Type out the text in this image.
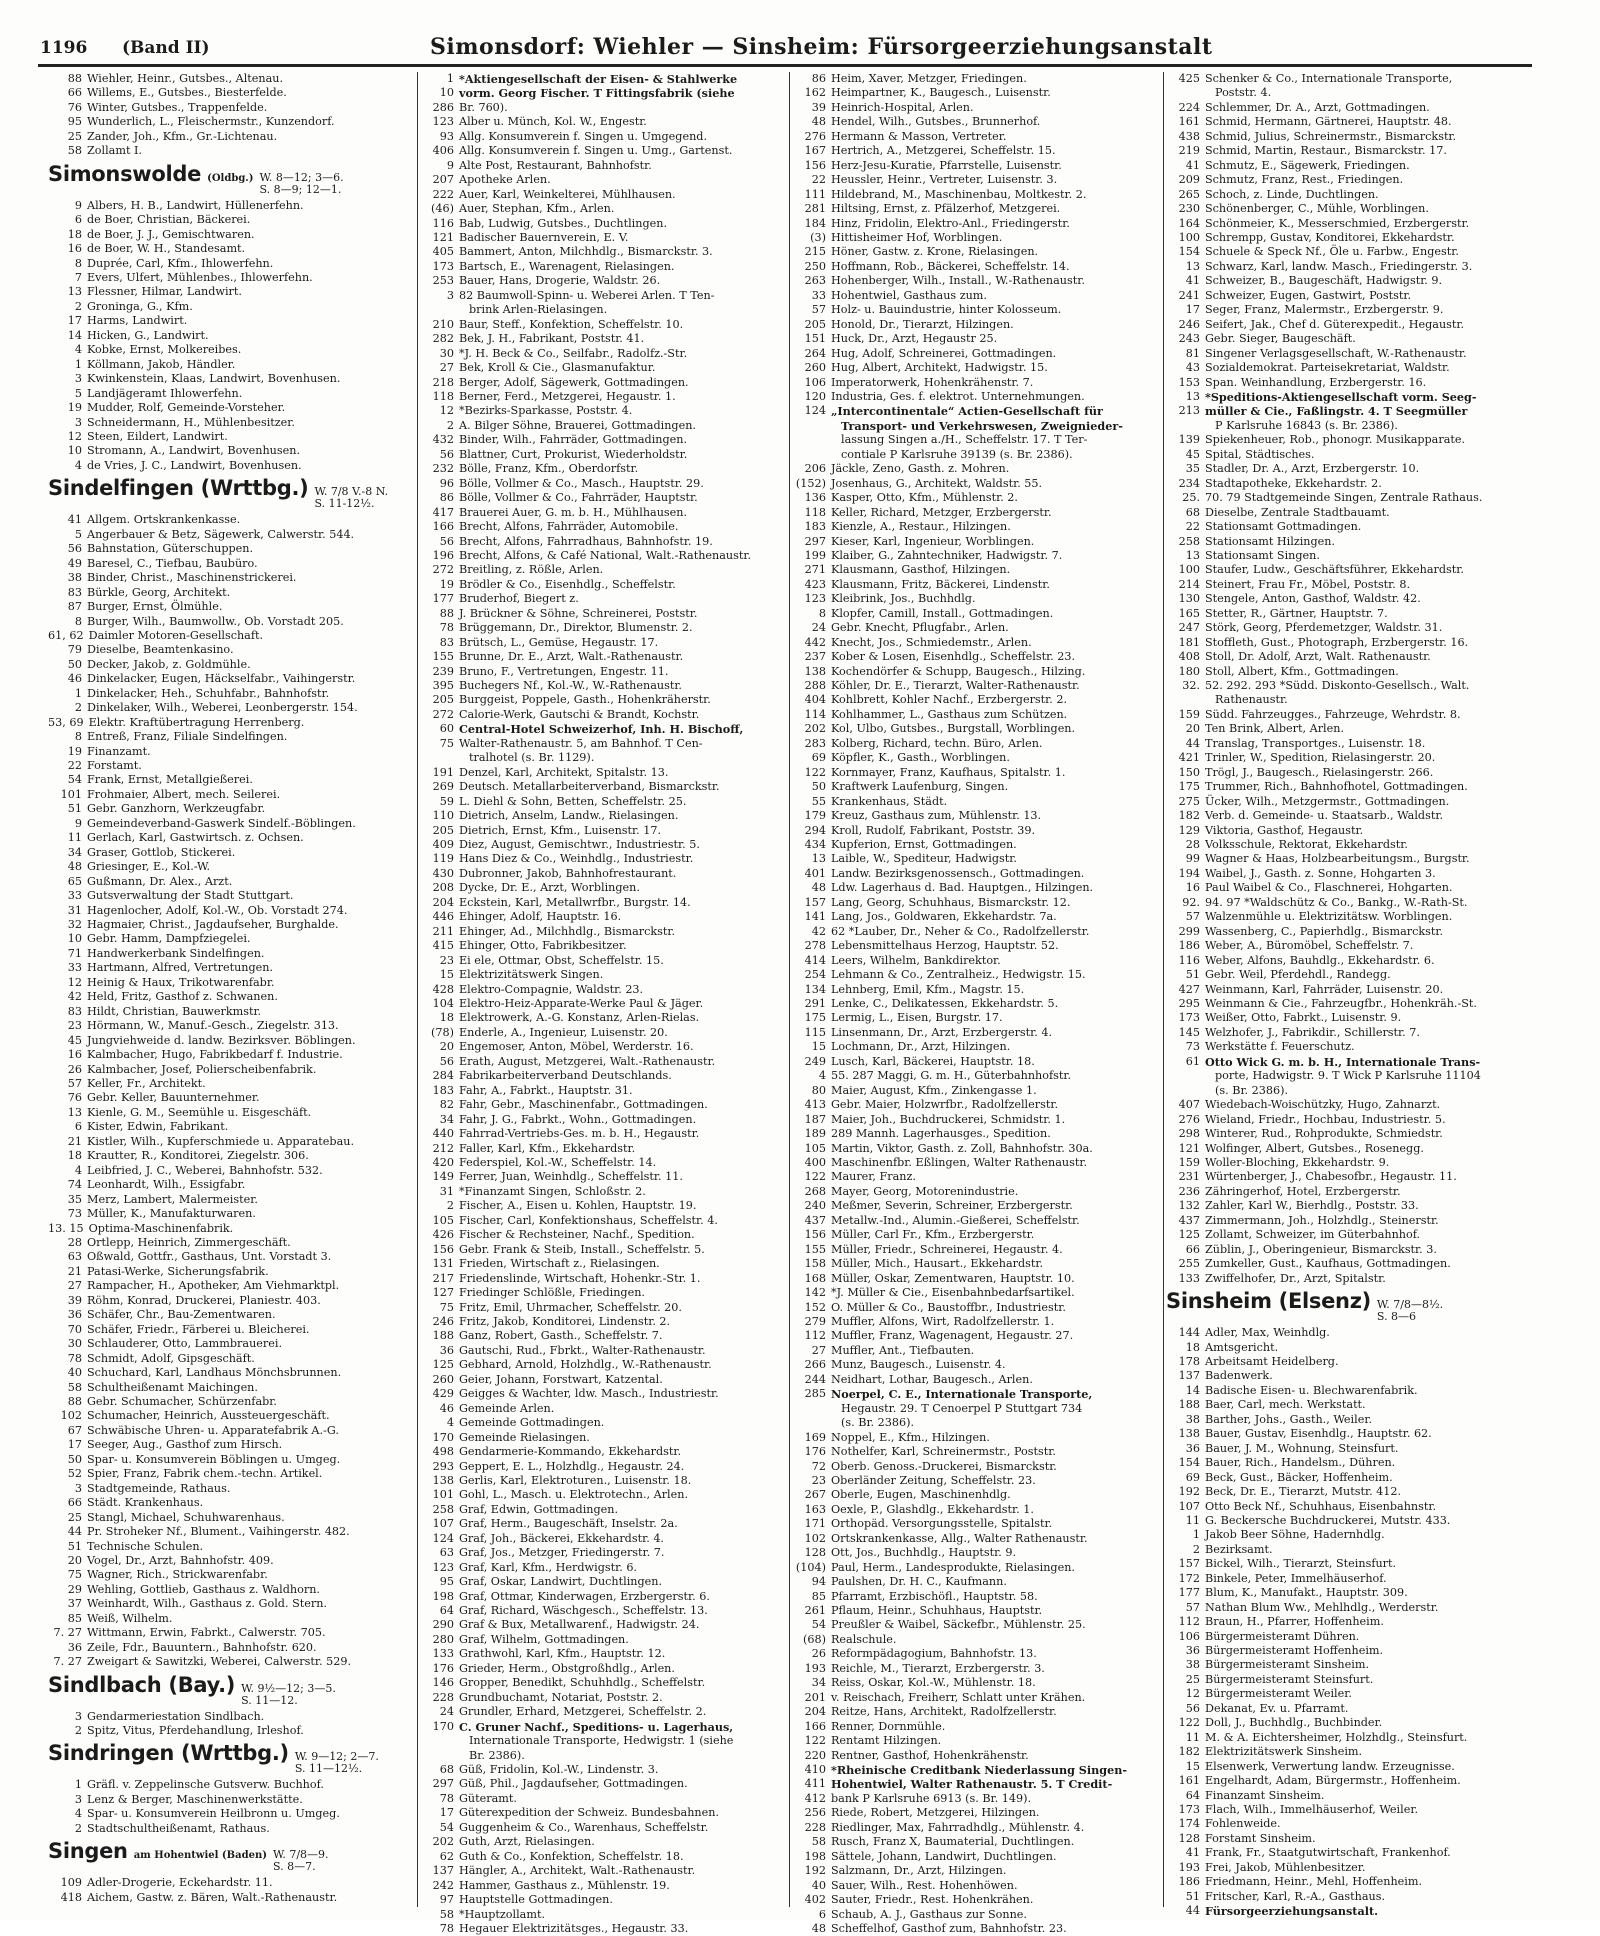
1196 (Band II)	Simonsdorf: Wiehler — Sinsheim: Fürsorgeerziehungsanstalt
88 Wiehler, Heinr., Gutsbes., Altenau.
66 Willems, E., Gutsbes., Biesterfelde.
76 Winter, Gutsbes., Trappenfelde.
95 Wunderlich, L., Fleischermstr., Kunzendorf.
25 Zander, Joh., Kfm., Gr.-Lichtenau.
58 Zollamt I.
Simonswolde (Oldbg.) W. 8—12; 3—6.
S. 8—9; 12—1.
9 Albers, H. B., Landwirt, Hüllenerfehn.
6 de Boer, Christian, Bäckerei.
18 de Boer, J. J., Gemischtwaren.
16 de Boer, W. H., Standesamt.
8 Duprée, Carl, Kfm., Ihlowerfehn.
7 Evers, Ulfert, Mühlenbes., Ihlowerfehn.
13 Flessner, Hilmar, Landwirt.
2 Groninga, G., Kfm.
17 Harms, Landwirt.
14 Hicken, G., Landwirt.
4 Kobke, Ernst, Molkereibes.
1 Köllmann, Jakob, Händler.
3 Kwinkenstein, Klaas, Landwirt, Bovenhusen.
5 Landjägeramt Ihlowerfehn.
19 Mudder, Rolf, Gemeinde-Vorsteher.
3 Schneidermann, H., Mühlenbesitzer.
12 Steen, Eildert, Landwirt.
10 Stromann, A., Landwirt, Bovenhusen.
4 de Vries, J. C., Landwirt, Bovenhusen.
Sindelfingen (Wrttbg.) W. 7/8 V.-8 N.
S. 11-12½.
41 Allgem. Ortskrankenkasse.
5 Angerbauer & Betz, Sägewerk, Calwerstr. 544.
56 Bahnstation, Güterschuppen.
49 Baresel, C., Tiefbau, Baubüro.
38 Binder, Christ., Maschinenstrickerei.
83 Bürkle, Georg, Architekt.
87 Burger, Ernst, Ölmühle.
8 Burger, Wilh., Baumwollw., Ob. Vorstadt 205.
61, 62 Daimler Motoren-Gesellschaft.
79 Dieselbe, Beamtenkasino.
50 Decker, Jakob, z. Goldmühle.
46 Dinkelacker, Eugen, Häckselfabr., Vaihingerstr.
1 Dinkelacker, Heh., Schuhfabr., Bahnhofstr.
2 Dinkelaker, Wilh., Weberei, Leonbergerstr. 154.
53, 69 Elektr. Kraftübertragung Herrenberg.
8 Entreß, Franz, Filiale Sindelfingen.
19 Finanzamt.
22 Forstamt.
54 Frank, Ernst, Metallgießerei.
101 Frohmaier, Albert, mech. Seilerei.
51 Gebr. Ganzhorn, Werkzeugfabr.
9 Gemeindeverband-Gaswerk Sindelf.-Böblingen.
11 Gerlach, Karl, Gastwirtsch. z. Ochsen.
34 Graser, Gottlob, Stickerei.
48 Griesinger, E., Kol.-W.
65 Gußmann, Dr. Alex., Arzt.
33 Gutsverwaltung der Stadt Stuttgart.
31 Hagenlocher, Adolf, Kol.-W., Ob. Vorstadt 274.
32 Hagmaier, Christ., Jagdaufseher, Burghalde.
10 Gebr. Hamm, Dampfziegelei.
71 Handwerkerbank Sindelfingen.
33 Hartmann, Alfred, Vertretungen.
12 Heinig & Haux, Trikotwarenfabr.
42 Held, Fritz, Gasthof z. Schwanen.
83 Hildt, Christian, Bauwerkmstr.
23 Hörmann, W., Manuf.-Gesch., Ziegelstr. 313.
45 Jungviehweide d. landw. Bezirksver. Böblingen.
16 Kalmbacher, Hugo, Fabrikbedarf f. Industrie.
26 Kalmbacher, Josef, Polierscheibenfabrik.
57 Keller, Fr., Architekt.
76 Gebr. Keller, Bauunternehmer.
13 Kienle, G. M., Seemühle u. Eisgeschäft.
6 Kister, Edwin, Fabrikant.
21 Kistler, Wilh., Kupferschmiede u. Apparatebau.
18 Krautter, R., Konditorei, Ziegelstr. 306.
4 Leibfried, J. C., Weberei, Bahnhofstr. 532.
74 Leonhardt, Wilh., Essigfabr.
35 Merz, Lambert, Malermeister.
73 Müller, K., Manufakturwaren.
13. 15 Optima-Maschinenfabrik.
28 Ortlepp, Heinrich, Zimmergeschäft.
63 Oßwald, Gottfr., Gasthaus, Unt. Vorstadt 3.
21 Patasi-Werke, Sicherungsfabrik.
27 Rampacher, H., Apotheker, Am Viehmarktpl.
39 Röhm, Konrad, Druckerei, Planiestr. 403.
36 Schäfer, Chr., Bau-Zementwaren.
70 Schäfer, Friedr., Färberei u. Bleicherei.
30 Schlauderer, Otto, Lammbrauerei.
78 Schmidt, Adolf, Gipsgeschäft.
40 Schuchard, Karl, Landhaus Mönchsbrunnen.
58 Schultheißenamt Maichingen.
88 Gebr. Schumacher, Schürzenfabr.
102 Schumacher, Heinrich, Aussteuergeschäft.
67 Schwäbische Uhren- u. Apparatefabrik A.-G.
17 Seeger, Aug., Gasthof zum Hirsch.
50 Spar- u. Konsumverein Böblingen u. Umgeg.
52 Spier, Franz, Fabrik chem.-techn. Artikel.
3 Stadtgemeinde, Rathaus.
66 Städt. Krankenhaus.
25 Stangl, Michael, Schuhwarenhaus.
44 Pr. Stroheker Nf., Blument., Vaihingerstr. 482.
51 Technische Schulen.
20 Vogel, Dr., Arzt, Bahnhofstr. 409.
75 Wagner, Rich., Strickwarenfabr.
29 Wehling, Gottlieb, Gasthaus z. Waldhorn.
37 Weinhardt, Wilh., Gasthaus z. Gold. Stern.
85 Weiß, Wilhelm.
7. 27 Wittmann, Erwin, Fabrkt., Calwerstr. 705.
36 Zeile, Fdr., Bauuntern., Bahnhofstr. 620.
7. 27 Zweigart & Sawitzki, Weberei, Calwerstr. 529.
Sindlbach (Bay.) W. 9½—12; 3—5.
S. 11—12.
3 Gendarmeriestation Sindlbach.
2 Spitz, Vitus, Pferdehandlung, Irleshof.
Sindringen (Wrttbg.) W. 9—12; 2—7.
S. 11—12½.
1 Gräfl. v. Zeppelinsche Gutsverw. Buchhof.
3 Lenz & Berger, Maschinenwerkstätte.
4 Spar- u. Konsumverein Heilbronn u. Umgeg.
2 Stadtschultheißenamt, Rathaus.
Singen am Hohentwiel (Baden) W. 7/8—9.
S. 8—7.
109 Adler-Drogerie, Eckehardstr. 11.
418 Aichem, Gastw. z. Bären, Walt.-Rathenaustr.
1 *Aktiengesellschaft der Eisen- & Stahlwerke
10 vorm. Georg Fischer. T Fittingsfabrik (siehe
286 Br. 760).
123 Alber u. Münch, Kol. W., Engestr.
93 Allg. Konsumverein f. Singen u. Umgegend.
406 Allg. Konsumverein f. Singen u. Umg., Gartenst.
9 Alte Post, Restaurant, Bahnhofstr.
207 Apotheke Arlen.
222 Auer, Karl, Weinkelterei, Mühlhausen.
(46) Auer, Stephan, Kfm., Arlen.
116 Bab, Ludwig, Gutsbes., Duchtlingen.
121 Badischer Bauernverein, E. V.
405 Bammert, Anton, Milchhdlg., Bismarckstr. 3.
173 Bartsch, E., Warenagent, Rielasingen.
253 Bauer, Hans, Drogerie, Waldstr. 26.
3 82 Baumwoll-Spinn- u. Weberei Arlen. T Ten-
brink Arlen-Rielasingen.
210 Baur, Steff., Konfektion, Scheffelstr. 10.
282 Bek, J. H., Fabrikant, Poststr. 41.
30 *J. H. Beck & Co., Seilfabr., Radolfz.-Str.
27 Bek, Kroll & Cie., Glasmanufaktur.
218 Berger, Adolf, Sägewerk, Gottmadingen.
118 Berner, Ferd., Metzgerei, Hegaustr. 1.
12 *Bezirks-Sparkasse, Poststr. 4.
2 A. Bilger Söhne, Brauerei, Gottmadingen.
432 Binder, Wilh., Fahrräder, Gottmadingen.
56 Blattner, Curt, Prokurist, Wiederholdstr.
232 Bölle, Franz, Kfm., Oberdorfstr.
96 Bölle, Vollmer & Co., Masch., Hauptstr. 29.
86 Bölle, Vollmer & Co., Fahrräder, Hauptstr.
417 Brauerei Auer, G. m. b. H., Mühlhausen.
166 Brecht, Alfons, Fahrräder, Automobile.
56 Brecht, Alfons, Fahrradhaus, Bahnhofstr. 19.
196 Brecht, Alfons, & Café National, Walt.-Rathenaustr.
272 Breitling, z. Rößle, Arlen.
19 Brödler & Co., Eisenhdlg., Scheffelstr.
177 Bruderhof, Biegert z.
88 J. Brückner & Söhne, Schreinerei, Poststr.
78 Brüggemann, Dr., Direktor, Blumenstr. 2.
83 Brütsch, L., Gemüse, Hegaustr. 17.
155 Brunne, Dr. E., Arzt, Walt.-Rathenaustr.
239 Bruno, F., Vertretungen, Engestr. 11.
395 Buchegers Nf., Kol.-W., W.-Rathenaustr.
205 Burggeist, Poppele, Gasth., Hohenkräherstr.
272 Calorie-Werk, Gautschi & Brandt, Kochstr.
60 Central-Hotel Schweizerhof, Inh. H. Bischoff,
75 Walter-Rathenaustr. 5, am Bahnhof. T Cen-
tralhotel (s. Br. 1129).
191 Denzel, Karl, Architekt, Spitalstr. 13.
269 Deutsch. Metallarbeiterverband, Bismarckstr.
59 L. Diehl & Sohn, Betten, Scheffelstr. 25.
110 Dietrich, Anselm, Landw., Rielasingen.
205 Dietrich, Ernst, Kfm., Luisenstr. 17.
409 Diez, August, Gemischtwr., Industriestr. 5.
119 Hans Diez & Co., Weinhdlg., Industriestr.
430 Dubronner, Jakob, Bahnhofrestaurant.
208 Dycke, Dr. E., Arzt, Worblingen.
204 Eckstein, Karl, Metallwrfbr., Burgstr. 14.
446 Ehinger, Adolf, Hauptstr. 16.
211 Ehinger, Ad., Milchhdlg., Bismarckstr.
415 Ehinger, Otto, Fabrikbesitzer.
23 Ei ele, Ottmar, Obst, Scheffelstr. 15.
15 Elektrizitätswerk Singen.
428 Elektro-Compagnie, Waldstr. 23.
104 Elektro-Heiz-Apparate-Werke Paul & Jäger.
18 Elektrowerk, A.-G. Konstanz, Arlen-Rielas.
(78) Enderle, A., Ingenieur, Luisenstr. 20.
20 Engemoser, Anton, Möbel, Werderstr. 16.
56 Erath, August, Metzgerei, Walt.-Rathenaustr.
284 Fabrikarbeiterverband Deutschlands.
183 Fahr, A., Fabrkt., Hauptstr. 31.
82 Fahr, Gebr., Maschinenfabr., Gottmadingen.
34 Fahr, J. G., Fabrkt., Wohn., Gottmadingen.
440 Fahrrad-Vertriebs-Ges. m. b. H., Hegaustr.
212 Faller, Karl, Kfm., Ekkehardstr.
420 Federspiel, Kol.-W., Scheffelstr. 14.
149 Ferrer, Juan, Weinhdlg., Scheffelstr. 11.
31 *Finanzamt Singen, Schloßstr. 2.
2 Fischer, A., Eisen u. Kohlen, Hauptstr. 19.
105 Fischer, Carl, Konfektionshaus, Scheffelstr. 4.
426 Fischer & Rechsteiner, Nachf., Spedition.
156 Gebr. Frank & Steib, Install., Scheffelstr. 5.
131 Frieden, Wirtschaft z., Rielasingen.
217 Friedenslinde, Wirtschaft, Hohenkr.-Str. 1.
127 Friedinger Schlößle, Friedingen.
75 Fritz, Emil, Uhrmacher, Scheffelstr. 20.
246 Fritz, Jakob, Konditorei, Lindenstr. 2.
188 Ganz, Robert, Gasth., Scheffelstr. 7.
36 Gautschi, Rud., Fbrkt., Walter-Rathenaustr.
125 Gebhard, Arnold, Holzhdlg., W.-Rathenaustr.
260 Geier, Johann, Forstwart, Katzental.
429 Geigges & Wachter, ldw. Masch., Industriestr.
46 Gemeinde Arlen.
4 Gemeinde Gottmadingen.
170 Gemeinde Rielasingen.
498 Gendarmerie-Kommando, Ekkehardstr.
293 Geppert, E. L., Holzhdlg., Hegaustr. 24.
138 Gerlis, Karl, Elektroturen., Luisenstr. 18.
101 Gohl, L., Masch. u. Elektrotechn., Arlen.
258 Graf, Edwin, Gottmadingen.
107 Graf, Herm., Baugeschäft, Inselstr. 2a.
124 Graf, Joh., Bäckerei, Ekkehardstr. 4.
63 Graf, Jos., Metzger, Friedingerstr. 7.
123 Graf, Karl, Kfm., Herdwigstr. 6.
95 Graf, Oskar, Landwirt, Duchtlingen.
198 Graf, Ottmar, Kinderwagen, Erzbergerstr. 6.
64 Graf, Richard, Wäschgesch., Scheffelstr. 13.
290 Graf & Bux, Metallwarenf., Hadwigstr. 24.
280 Graf, Wilhelm, Gottmadingen.
133 Grathwohl, Karl, Kfm., Hauptstr. 12.
176 Grieder, Herm., Obstgroßhdlg., Arlen.
146 Gropper, Benedikt, Schuhhdlg., Scheffelstr.
228 Grundbuchamt, Notariat, Poststr. 2.
24 Grundler, Erhard, Metzgerei, Scheffelstr. 2.
170 C. Gruner Nachf., Speditions- u. Lagerhaus,
Internationale Transporte, Hedwigstr. 1 (siehe
Br. 2386).
68 Güß, Fridolin, Kol.-W., Lindenstr. 3.
297 Güß, Phil., Jagdaufseher, Gottmadingen.
78 Güteramt.
17 Güterexpedition der Schweiz. Bundesbahnen.
54 Guggenheim & Co., Warenhaus, Scheffelstr.
202 Guth, Arzt, Rielasingen.
62 Guth & Co., Konfektion, Scheffelstr. 18.
137 Hängler, A., Architekt, Walt.-Rathenaustr.
242 Hammer, Gasthaus z., Mühlenstr. 19.
97 Hauptstelle Gottmadingen.
58 *Hauptzollamt.
78 Hegauer Elektrizitätsges., Hegaustr. 33.
86 Heim, Xaver, Metzger, Friedingen.
162 Heimpartner, K., Baugesch., Luisenstr.
39 Heinrich-Hospital, Arlen.
48 Hendel, Wilh., Gutsbes., Brunnerhof.
276 Hermann & Masson, Vertreter.
167 Hertrich, A., Metzgerei, Scheffelstr. 15.
156 Herz-Jesu-Kuratie, Pfarrstelle, Luisenstr.
22 Heussler, Heinr., Vertreter, Luisenstr. 3.
111 Hildebrand, M., Maschinenbau, Moltkestr. 2.
281 Hiltsing, Ernst, z. Pfälzerhof, Metzgerei.
184 Hinz, Fridolin, Elektro-Anl., Friedingerstr.
(3) Hittisheimer Hof, Worblingen.
215 Höner, Gastw. z. Krone, Rielasingen.
250 Hoffmann, Rob., Bäckerei, Scheffelstr. 14.
263 Hohenberger, Wilh., Install., W.-Rathenaustr.
33 Hohentwiel, Gasthaus zum.
57 Holz- u. Bauindustrie, hinter Kolosseum.
205 Honold, Dr., Tierarzt, Hilzingen.
151 Huck, Dr., Arzt, Hegaustr 25.
264 Hug, Adolf, Schreinerei, Gottmadingen.
260 Hug, Albert, Architekt, Hadwigstr. 15.
106 Imperatorwerk, Hohenkrähenstr. 7.
120 Industria, Ges. f. elektrot. Unternehmungen.
124 „Intercontinentale“ Actien-Gesellschaft für
Transport- und Verkehrswesen, Zweignieder-
lassung Singen a./H., Scheffelstr. 17. T Ter-
contiale P Karlsruhe 39139 (s. Br. 2386).
206 Jäckle, Zeno, Gasth. z. Mohren.
(152) Josenhaus, G., Architekt, Waldstr. 55.
136 Kasper, Otto, Kfm., Mühlenstr. 2.
118 Keller, Richard, Metzger, Erzbergerstr.
183 Kienzle, A., Restaur., Hilzingen.
297 Kieser, Karl, Ingenieur, Worblingen.
199 Klaiber, G., Zahntechniker, Hadwigstr. 7.
271 Klausmann, Gasthof, Hilzingen.
423 Klausmann, Fritz, Bäckerei, Lindenstr.
123 Kleibrink, Jos., Buchhdlg.
8 Klopfer, Camill, Install., Gottmadingen.
24 Gebr. Knecht, Pflugfabr., Arlen.
442 Knecht, Jos., Schmiedemstr., Arlen.
237 Kober & Losen, Eisenhdlg., Scheffelstr. 23.
138 Kochendörfer & Schupp, Baugesch., Hilzing.
288 Köhler, Dr. E., Tierarzt, Walter-Rathenaustr.
404 Kohlbrett, Kohler Nachf., Erzbergerstr. 2.
114 Kohlhammer, L., Gasthaus zum Schützen.
202 Kol, Ulbo, Gutsbes., Burgstall, Worblingen.
283 Kolberg, Richard, techn. Büro, Arlen.
69 Köpfler, K., Gasth., Worblingen.
122 Kornmayer, Franz, Kaufhaus, Spitalstr. 1.
50 Kraftwerk Laufenburg, Singen.
55 Krankenhaus, Städt.
179 Kreuz, Gasthaus zum, Mühlenstr. 13.
294 Kroll, Rudolf, Fabrikant, Poststr. 39.
434 Kupferion, Ernst, Gottmadingen.
13 Laible, W., Spediteur, Hadwigstr.
401 Landw. Bezirksgenossensch., Gottmadingen.
48 Ldw. Lagerhaus d. Bad. Hauptgen., Hilzingen.
157 Lang, Georg, Schuhhaus, Bismarckstr. 12.
141 Lang, Jos., Goldwaren, Ekkehardstr. 7a.
42 62 *Lauber, Dr., Neher & Co., Radolfzellerstr.
278 Lebensmittelhaus Herzog, Hauptstr. 52.
414 Leers, Wilhelm, Bankdirektor.
254 Lehmann & Co., Zentralheiz., Hedwigstr. 15.
134 Lehnberg, Emil, Kfm., Magstr. 15.
291 Lenke, C., Delikatessen, Ekkehardstr. 5.
175 Lermig, L., Eisen, Burgstr. 17.
115 Linsenmann, Dr., Arzt, Erzbergerstr. 4.
15 Lochmann, Dr., Arzt, Hilzingen.
249 Lusch, Karl, Bäckerei, Hauptstr. 18.
4 55. 287 Maggi, G. m. H., Güterbahnhofstr.
80 Maier, August, Kfm., Zinkengasse 1.
413 Gebr. Maier, Holzwrfbr., Radolfzellerstr.
187 Maier, Joh., Buchdruckerei, Schmidstr. 1.
189 289 Mannh. Lagerhausges., Spedition.
105 Martin, Viktor, Gasth. z. Zoll, Bahnhofstr. 30a.
400 Maschinenfbr. Eßlingen, Walter Rathenaustr.
122 Maurer, Franz.
268 Mayer, Georg, Motorenindustrie.
240 Meßmer, Severin, Schreiner, Erzbergerstr.
437 Metallw.-Ind., Alumin.-Gießerei, Scheffelstr.
156 Müller, Carl Fr., Kfm., Erzbergerstr.
155 Müller, Friedr., Schreinerei, Hegaustr. 4.
158 Müller, Mich., Hausart., Ekkehardstr.
168 Müller, Oskar, Zementwaren, Hauptstr. 10.
142 *J. Müller & Cie., Eisenbahnbedarfsartikel.
152 O. Müller & Co., Baustoffbr., Industriestr.
279 Muffler, Alfons, Wirt, Radolfzellerstr. 1.
112 Muffler, Franz, Wagenagent, Hegaustr. 27.
27 Muffler, Ant., Tiefbauten.
266 Munz, Baugesch., Luisenstr. 4.
244 Neidhart, Lothar, Baugesch., Arlen.
285 Noerpel, C. E., Internationale Transporte,
Hegaustr. 29. T Cenoerpel P Stuttgart 734
(s. Br. 2386).
169 Noppel, E., Kfm., Hilzingen.
176 Nothelfer, Karl, Schreinermstr., Poststr.
72 Oberb. Genoss.-Druckerei, Bismarckstr.
23 Oberländer Zeitung, Scheffelstr. 23.
267 Oberle, Eugen, Maschinenhdlg.
163 Oexle, P., Glashdlg., Ekkehardstr. 1.
171 Orthopäd. Versorgungsstelle, Spitalstr.
102 Ortskrankenkasse, Allg., Walter Rathenaustr.
128 Ott, Jos., Buchhdlg., Hauptstr. 9.
(104) Paul, Herm., Landesprodukte, Rielasingen.
94 Paulshen, Dr. H. C., Kaufmann.
85 Pfarramt, Erzbischöfl., Hauptstr. 58.
261 Pflaum, Heinr., Schuhhaus, Hauptstr.
54 Preußler & Waibel, Säckefbr., Mühlenstr. 25.
(68) Realschule.
26 Reformpädagogium, Bahnhofstr. 13.
193 Reichle, M., Tierarzt, Erzbergerstr. 3.
34 Reiss, Oskar, Kol.-W., Mühlenstr. 18.
201 v. Reischach, Freiherr, Schlatt unter Krähen.
204 Reitze, Hans, Architekt, Radolfzellerstr.
166 Renner, Dornmühle.
122 Rentamt Hilzingen.
220 Rentner, Gasthof, Hohenkrähenstr.
410 *Rheinische Creditbank Niederlassung Singen-
411 Hohentwiel, Walter Rathenaustr. 5. T Credit-
412 bank P Karlsruhe 6913 (s. Br. 149).
256 Riede, Robert, Metzgerei, Hilzingen.
228 Riedlinger, Max, Fahrradhdlg., Mühlenstr. 4.
58 Rusch, Franz X, Baumaterial, Duchtlingen.
198 Sättele, Johann, Landwirt, Duchtlingen.
192 Salzmann, Dr., Arzt, Hilzingen.
40 Sauer, Wilh., Rest. Hohenhöwen.
402 Sauter, Friedr., Rest. Hohenkrähen.
6 Schaub, A. J., Gasthaus zur Sonne.
48 Scheffelhof, Gasthof zum, Bahnhofstr. 23.
425 Schenker & Co., Internationale Transporte,
Poststr. 4.
224 Schlemmer, Dr. A., Arzt, Gottmadingen.
161 Schmid, Hermann, Gärtnerei, Hauptstr. 48.
438 Schmid, Julius, Schreinermstr., Bismarckstr.
219 Schmid, Martin, Restaur., Bismarckstr. 17.
41 Schmutz, E., Sägewerk, Friedingen.
209 Schmutz, Franz, Rest., Friedingen.
265 Schoch, z. Linde, Duchtlingen.
230 Schönenberger, C., Mühle, Worblingen.
164 Schönmeier, K., Messerschmied, Erzbergerstr.
100 Schrempp, Gustav, Konditorei, Ekkehardstr.
154 Schuele & Speck Nf., Öle u. Farbw., Engestr.
13 Schwarz, Karl, landw. Masch., Friedingerstr. 3.
41 Schweizer, B., Baugeschäft, Hadwigstr. 9.
241 Schweizer, Eugen, Gastwirt, Poststr.
17 Seger, Franz, Malermstr., Erzbergerstr. 9.
246 Seifert, Jak., Chef d. Güterexpedit., Hegaustr.
243 Gebr. Sieger, Baugeschäft.
81 Singener Verlagsgesellschaft, W.-Rathenaustr.
43 Sozialdemokrat. Parteisekretariat, Waldstr.
153 Span. Weinhandlung, Erzbergerstr. 16.
13 *Speditions-Aktiengesellschaft vorm. Seeg-
213 müller & Cie., Faßlingstr. 4. T Seegmüller
P Karlsruhe 16843 (s. Br. 2386).
139 Spiekenheuer, Rob., phonogr. Musikapparate.
45 Spital, Städtisches.
35 Stadler, Dr. A., Arzt, Erzbergerstr. 10.
234 Stadtapotheke, Ekkehardstr. 2.
25. 70. 79 Stadtgemeinde Singen, Zentrale Rathaus.
68 Dieselbe, Zentrale Stadtbauamt.
22 Stationsamt Gottmadingen.
258 Stationsamt Hilzingen.
13 Stationsamt Singen.
100 Staufer, Ludw., Geschäftsführer, Ekkehardstr.
214 Steinert, Frau Fr., Möbel, Poststr. 8.
130 Stengele, Anton, Gasthof, Waldstr. 42.
165 Stetter, R., Gärtner, Hauptstr. 7.
247 Störk, Georg, Pferdemetzger, Waldstr. 31.
181 Stoffleth, Gust., Photograph, Erzbergerstr. 16.
408 Stoll, Dr. Adolf, Arzt, Walt. Rathenaustr.
180 Stoll, Albert, Kfm., Gottmadingen.
32. 52. 292. 293 *Südd. Diskonto-Gesellsch., Walt.
Rathenaustr.
159 Südd. Fahrzeugges., Fahrzeuge, Wehrdstr. 8.
20 Ten Brink, Albert, Arlen.
44 Translag, Transportges., Luisenstr. 18.
421 Trinler, W., Spedition, Rielasingerstr. 20.
150 Trögl, J., Baugesch., Rielasingerstr. 266.
175 Trummer, Rich., Bahnhofhotel, Gottmadingen.
275 Ücker, Wilh., Metzgermstr., Gottmadingen.
182 Verb. d. Gemeinde- u. Staatsarb., Waldstr.
129 Viktoria, Gasthof, Hegaustr.
28 Volksschule, Rektorat, Ekkehardstr.
99 Wagner & Haas, Holzbearbeitungsm., Burgstr.
194 Waibel, J., Gasth. z. Sonne, Hohgarten 3.
16 Paul Waibel & Co., Flaschnerei, Hohgarten.
92. 94. 97 *Waldschütz & Co., Bankg., W.-Rath-St.
57 Walzenmühle u. Elektrizitätsw. Worblingen.
299 Wassenberg, C., Papierhdlg., Bismarckstr.
186 Weber, A., Büromöbel, Scheffelstr. 7.
116 Weber, Alfons, Bauhdlg., Ekkehardstr. 6.
51 Gebr. Weil, Pferdehdl., Randegg.
427 Weinmann, Karl, Fahrräder, Luisenstr. 20.
295 Weinmann & Cie., Fahrzeugfbr., Hohenkräh.-St.
173 Weißer, Otto, Fabrkt., Luisenstr. 9.
145 Welzhofer, J., Fabrikdir., Schillerstr. 7.
73 Werkstätte f. Feuerschutz.
61 Otto Wick G. m. b. H., Internationale Trans-
porte, Hadwigstr. 9. T Wick P Karlsruhe 11104
(s. Br. 2386).
407 Wiedebach-Woischützky, Hugo, Zahnarzt.
276 Wieland, Friedr., Hochbau, Industriestr. 5.
298 Winterer, Rud., Rohprodukte, Schmiedstr.
121 Wolfinger, Albert, Gutsbes., Rosenegg.
159 Woller-Bloching, Ekkehardstr. 9.
231 Würtenberger, J., Chabesofbr., Hegaustr. 11.
236 Zähringerhof, Hotel, Erzbergerstr.
132 Zahler, Karl W., Bierhdlg., Poststr. 33.
437 Zimmermann, Joh., Holzhdlg., Steinerstr.
125 Zollamt, Schweizer, im Güterbahnhof.
66 Züblin, J., Oberingenieur, Bismarckstr. 3.
255 Zumkeller, Gust., Kaufhaus, Gottmadingen.
133 Zwiffelhofer, Dr., Arzt, Spitalstr.
Sinsheim (Elsenz) W. 7/8—8½.
S. 8—6
144 Adler, Max, Weinhdlg.
18 Amtsgericht.
178 Arbeitsamt Heidelberg.
137 Badenwerk.
14 Badische Eisen- u. Blechwarenfabrik.
188 Baer, Carl, mech. Werkstatt.
38 Barther, Johs., Gasth., Weiler.
138 Bauer, Gustav, Eisenhdlg., Hauptstr. 62.
36 Bauer, J. M., Wohnung, Steinsfurt.
154 Bauer, Rich., Handelsm., Dühren.
69 Beck, Gust., Bäcker, Hoffenheim.
192 Beck, Dr. E., Tierarzt, Mutstr. 412.
107 Otto Beck Nf., Schuhhaus, Eisenbahnstr.
11 G. Beckersche Buchdruckerei, Mutstr. 433.
1 Jakob Beer Söhne, Hadernhdlg.
2 Bezirksamt.
157 Bickel, Wilh., Tierarzt, Steinsfurt.
172 Binkele, Peter, Immelhäuserhof.
177 Blum, K., Manufakt., Hauptstr. 309.
57 Nathan Blum Ww., Mehlhdlg., Werderstr.
112 Braun, H., Pfarrer, Hoffenheim.
106 Bürgermeisteramt Dühren.
36 Bürgermeisteramt Hoffenheim.
38 Bürgermeisteramt Sinsheim.
25 Bürgermeisteramt Steinsfurt.
12 Bürgermeisteramt Weiler.
56 Dekanat, Ev. u. Pfarramt.
122 Doll, J., Buchhdlg., Buchbinder.
11 M. & A. Eichtersheimer, Holzhdlg., Steinsfurt.
182 Elektrizitätswerk Sinsheim.
15 Elsenwerk, Verwertung landw. Erzeugnisse.
161 Engelhardt, Adam, Bürgermstr., Hoffenheim.
64 Finanzamt Sinsheim.
173 Flach, Wilh., Immelhäuserhof, Weiler.
174 Fohlenweide.
128 Forstamt Sinsheim.
41 Frank, Fr., Staatgutwirtschaft, Frankenhof.
193 Frei, Jakob, Mühlenbesitzer.
186 Friedmann, Heinr., Mehl, Hoffenheim.
51 Fritscher, Karl, R.-A., Gasthaus.
44 Fürsorgeerziehungsanstalt.
